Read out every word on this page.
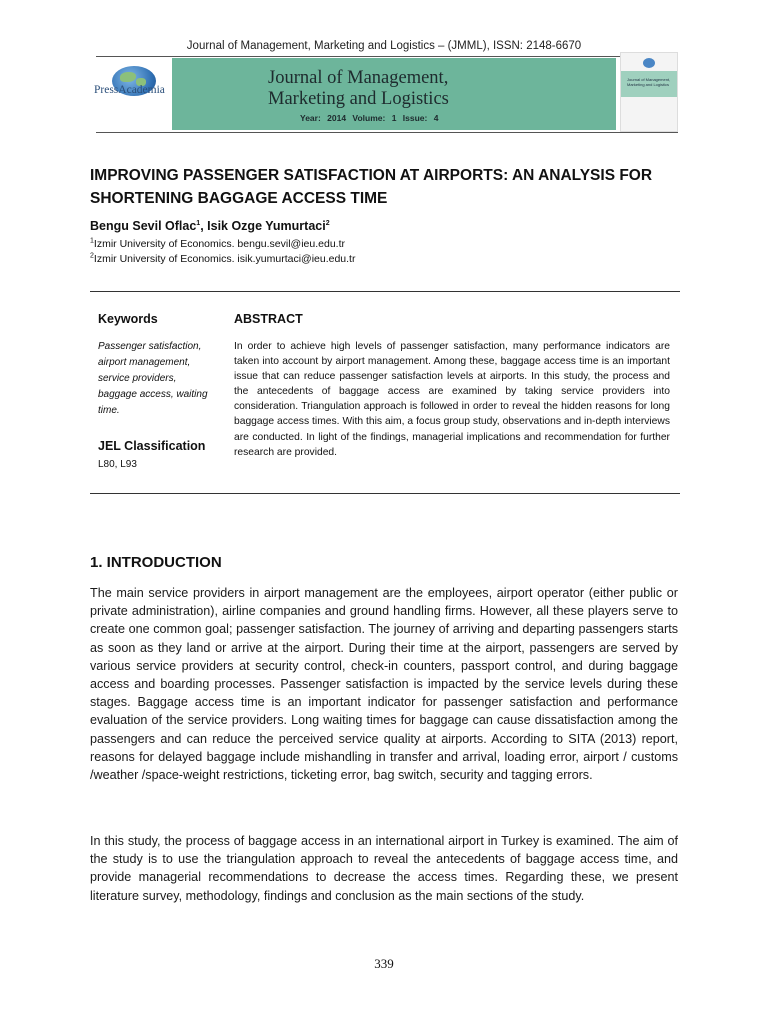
Journal of Management, Marketing and Logistics – (JMML), ISSN: 2148-6670
PressAcademia
Journal of Management,
Marketing and Logistics
Year: 2014 Volume: 1 Issue: 4
Journal of Management, Marketing and Logistics
IMPROVING PASSENGER SATISFACTION AT AIRPORTS: AN ANALYSIS FOR SHORTENING BAGGAGE ACCESS TIME
Bengu Sevil Oflac$^1$, Isik Ozge Yumurtaci$^2$
$^1$Izmir University of Economics. bengu.sevil@ieu.edu.tr
$^2$Izmir University of Economics. isik.yumurtaci@ieu.edu.tr
Keywords
Passenger satisfaction, airport management, service providers, baggage access, waiting time.
JEL Classification
L80, L93
ABSTRACT
In order to achieve high levels of passenger satisfaction, many performance indicators are taken into account by airport management. Among these, baggage access time is an important issue that can reduce passenger satisfaction levels at airports. In this study, the process and the antecedents of baggage access are examined by taking service providers into consideration. Triangulation approach is followed in order to reveal the hidden reasons for long baggage access times. With this aim, a focus group study, observations and in-depth interviews are conducted. In light of the findings, managerial implications and recommendation for further research are provided.
1. INTRODUCTION
The main service providers in airport management are the employees, airport operator (either public or private administration), airline companies and ground handling firms. However, all these players serve to create one common goal; passenger satisfaction. The journey of arriving and departing passengers starts as soon as they land or arrive at the airport. During their time at the airport, passengers are served by various service providers at security control, check-in counters, passport control, and during baggage access and boarding processes. Passenger satisfaction is impacted by the service levels during these stages. Baggage access time is an important indicator for passenger satisfaction and performance evaluation of the service providers. Long waiting times for baggage can cause dissatisfaction among the passengers and can reduce the perceived service quality at airports. According to SITA (2013) report, reasons for delayed baggage include mishandling in transfer and arrival, loading error, airport / customs /weather /space-weight restrictions, ticketing error, bag switch, security and tagging errors.
In this study, the process of baggage access in an international airport in Turkey is examined. The aim of the study is to use the triangulation approach to reveal the antecedents of baggage access time, and provide managerial recommendations to decrease the access times. Regarding these, we present literature survey, methodology, findings and conclusion as the main sections of the study.
339
